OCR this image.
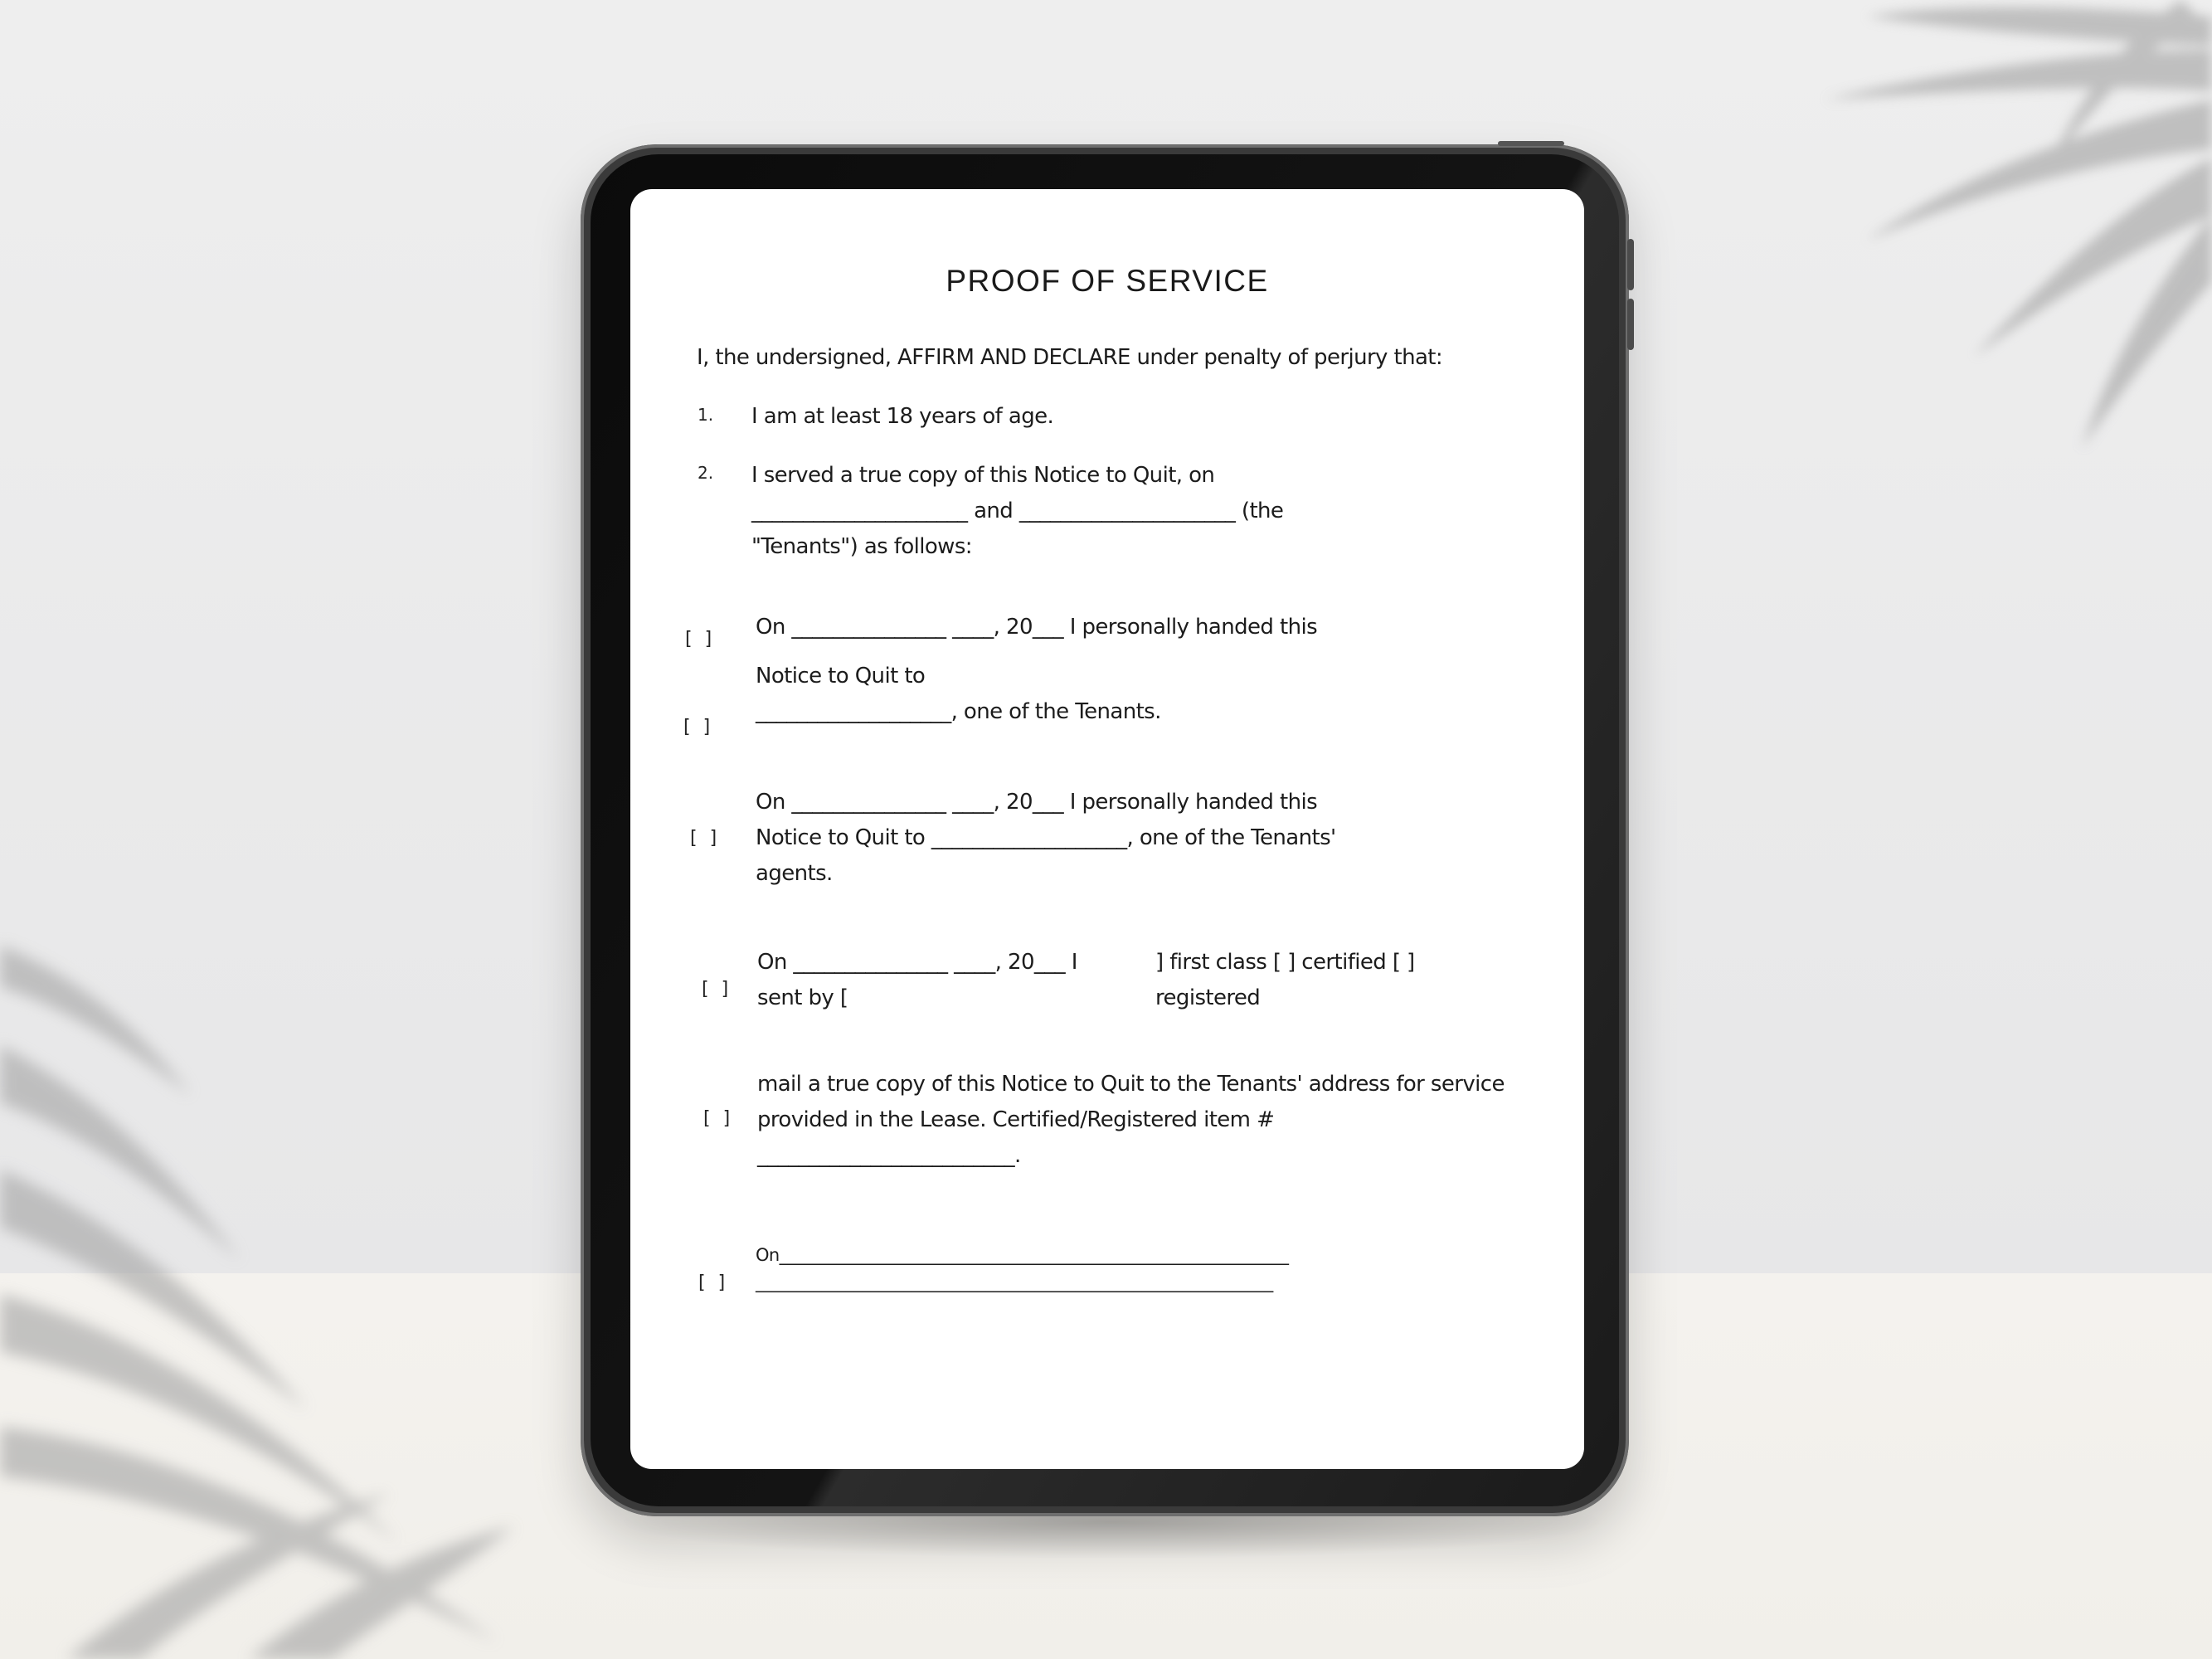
PROOF OF SERVICE
I, the undersigned, AFFIRM AND DECLARE under penalty of perjury that:
1. I am at least 18 years of age.
2. I served a true copy of this Notice to Quit, on
_____________________ and _____________________ (the
"Tenants") as follows:
[ ] On _______________ ____, 20___ I personally handed this
Notice to Quit to
[ ]
___________________, one of the Tenants.
[ ]
On _______________ ____, 20___ I personally handed this
Notice to Quit to ___________________, one of the Tenants'
agents.
[ ]
On _______________ ____, 20___ I
sent by [
] first class [ ] certified [ ]
registered
[ ]
mail a true copy of this Notice to Quit to the Tenants' address for service
provided in the Lease. Certified/Registered item #
_________________________.
[ ]
On______________________________________________________________
_______________________________________________________________
